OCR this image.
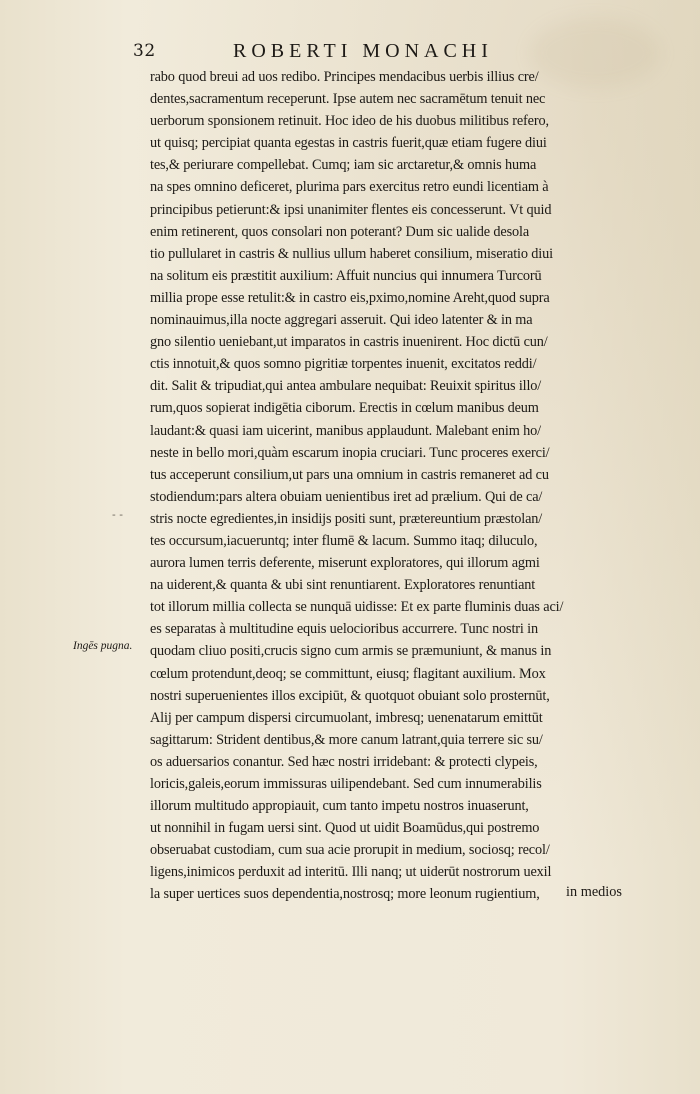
32	ROBERTI MONACHI
- -
Ingēs pugna.
rabo quod breui ad uos redibo. Principes mendacibus uerbis illius cre/
dentes,sacramentum receperunt. Ipse autem nec sacramētum tenuit nec
uerborum sponsionem retinuit. Hoc ideo de his duobus militibus refero,
ut quisq; percipiat quanta egestas in castris fuerit,quæ etiam fugere diui
tes,& periurare compellebat. Cumq; iam sic arctaretur,& omnis huma
na spes omnino deficeret, plurima pars exercitus retro eundi licentiam à
principibus petierunt:& ipsi unanimiter flentes eis concesserunt. Vt quid
enim retinerent, quos consolari non poterant? Dum sic ualide desola
tio pullularet in castris & nullius ullum haberet consilium, miseratio diui
na solitum eis præstitit auxilium: Affuit nuncius qui innumera Turcorū
millia prope esse retulit:& in castro eis,pximo,nomine Areht,quod supra
nominauimus,illa nocte aggregari asseruit. Qui ideo latenter & in ma
gno silentio ueniebant,ut imparatos in castris inuenirent. Hoc dictū cun/
ctis innotuit,& quos somno pigritiæ torpentes inuenit, excitatos reddi/
dit. Salit & tripudiat,qui antea ambulare nequibat: Reuixit spiritus illo/
rum,quos sopierat indigētia ciborum. Erectis in cœlum manibus deum
laudant:& quasi iam uicerint, manibus applaudunt. Malebant enim ho/
neste in bello mori,quàm escarum inopia cruciari. Tunc proceres exerci/
tus acceperunt consilium,ut pars una omnium in castris remaneret ad cu
stodiendum:pars altera obuiam uenientibus iret ad prælium. Qui de ca/
stris nocte egredientes,in insidijs positi sunt, prætereuntium præstolan/
tes occursum,iacueruntq; inter flumē & lacum. Summo itaq; diluculo,
aurora lumen terris deferente, miserunt exploratores, qui illorum agmi
na uiderent,& quanta & ubi sint renuntiarent. Exploratores renuntiant
tot illorum millia collecta se nunquā uidisse: Et ex parte fluminis duas aci/
es separatas à multitudine equis uelocioribus accurrere. Tunc nostri in
quodam cliuo positi,crucis signo cum armis se præmuniunt, & manus in
cœlum protendunt,deoq; se committunt, eiusq; flagitant auxilium. Mox
nostri superuenientes illos excipiūt, & quotquot obuiant solo prosternūt,
Alij per campum dispersi circumuolant, imbresq; uenenatarum emittūt
sagittarum: Strident dentibus,& more canum latrant,quia terrere sic su/
os aduersarios conantur. Sed hæc nostri irridebant: & protecti clypeis,
loricis,galeis,eorum immissuras uilipendebant. Sed cum innumerabilis
illorum multitudo appropiauit, cum tanto impetu nostros inuaserunt,
ut nonnihil in fugam uersi sint. Quod ut uidit Boamūdus,qui postremo
obseruabat custodiam, cum sua acie prorupit in medium, sociosq; recol/
ligens,inimicos perduxit ad interitū. Illi nanq; ut uiderūt nostrorum uexil
la super uertices suos dependentia,nostrosq; more leonum rugientium,	in medios
